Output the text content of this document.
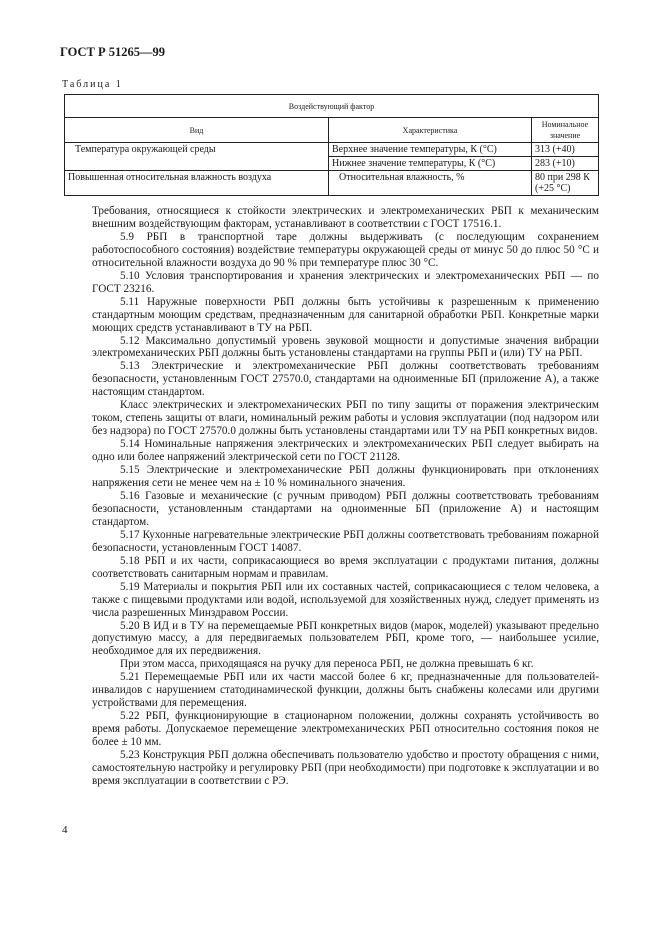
ГОСТ Р 51265—99
Таблица 1
Воздействующий фактор		
Вид	Характеристика	Номинальное значение
Температура окружающей среды	Верхнее значение температуры, К (°С)	313 (+40)
	Нижнее значение температуры, К (°С)	283 (+10)
Повышенная относительная влажность воздуха	Относительная влажность, %	80 при 298 К (+25 °С)

Требования, относящиеся к стойкости электрических и электромеханических РБП к механическим внешним воздействующим факторам, устанавливают в соответствии с ГОСТ 17516.1.

5.9 РБП в транспортной таре должны выдерживать (с последующим сохранением работоспособного состояния) воздействие температуры окружающей среды от минус 50 до плюс 50 °С и относительной влажности воздуха до 90 % при температуре плюс 30 °С.

5.10 Условия транспортирования и хранения электрических и электромеханических РБП — по ГОСТ 23216.

5.11 Наружные поверхности РБП должны быть устойчивы к разрешенным к применению стандартным моющим средствам, предназначенным для санитарной обработки РБП. Конкретные марки моющих средств устанавливают в ТУ на РБП.

5.12 Максимально допустимый уровень звуковой мощности и допустимые значения вибрации электромеханических РБП должны быть установлены стандартами на группы РБП и (или) ТУ на РБП.

5.13 Электрические и электромеханические РБП должны соответствовать требованиям безопасности, установленным ГОСТ 27570.0, стандартами на одноименные БП (приложение А), а также настоящим стандартом.

Класс электрических и электромеханических РБП по типу защиты от поражения электрическим током, степень защиты от влаги, номинальный режим работы и условия эксплуатации (под надзором или без надзора) по ГОСТ 27570.0 должны быть установлены стандартами или ТУ на РБП конкретных видов.

5.14 Номинальные напряжения электрических и электромеханических РБП следует выбирать на одно или более напряжений электрической сети по ГОСТ 21128.

5.15 Электрические и электромеханические РБП должны функционировать при отклонениях напряжения сети не менее чем на ± 10 % номинального значения.

5.16 Газовые и механические (с ручным приводом) РБП должны соответствовать требованиям безопасности, установленным стандартами на одноименные БП (приложение А) и настоящим стандартом.

5.17 Кухонные нагревательные электрические РБП должны соответствовать требованиям пожарной безопасности, установленным ГОСТ 14087.

5.18 РБП и их части, соприкасающиеся во время эксплуатации с продуктами питания, должны соответствовать санитарным нормам и правилам.

5.19 Материалы и покрытия РБП или их составных частей, соприкасающиеся с телом человека, а также с пищевыми продуктами или водой, используемой для хозяйственных нужд, следует применять из числа разрешенных Минздравом России.

5.20 В ИД и в ТУ на перемещаемые РБП конкретных видов (марок, моделей) указывают предельно допустимую массу, а для передвигаемых пользователем РБП, кроме того, — наибольшее усилие, необходимое для их передвижения.

При этом масса, приходящаяся на ручку для переноса РБП, не должна превышать 6 кг.

5.21 Перемещаемые РБП или их части массой более 6 кг, предназначенные для пользователей-инвалидов с нарушением статодинамической функции, должны быть снабжены колесами или другими устройствами для перемещения.

5.22 РБП, функционирующие в стационарном положении, должны сохранять устойчивость во время работы. Допускаемое перемещение электромеханических РБП относительно состояния покоя не более ± 10 мм.

5.23 Конструкция РБП должна обеспечивать пользователю удобство и простоту обращения с ними, самостоятельную настройку и регулировку РБП (при необходимости) при подготовке к эксплуатации и во время эксплуатации в соответствии с РЭ.

4
